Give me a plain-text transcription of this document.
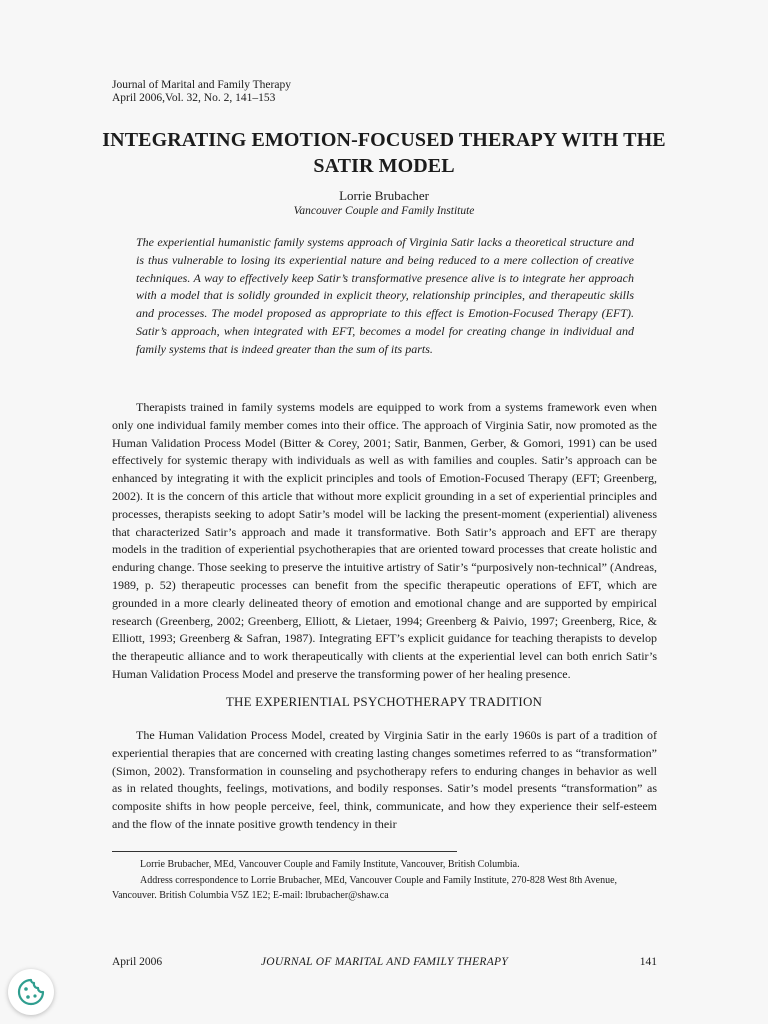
Journal of Marital and Family Therapy
April 2006,Vol. 32, No. 2, 141–153
INTEGRATING EMOTION-FOCUSED THERAPY WITH THE
SATIR MODEL
Lorrie Brubacher
Vancouver Couple and Family Institute

The experiential humanistic family systems approach of Virginia Satir lacks a theoretical structure and is thus vulnerable to losing its experiential nature and being reduced to a mere collection of creative techniques. A way to effectively keep Satir’s transformative presence alive is to integrate her approach with a model that is solidly grounded in explicit theory, relationship principles, and therapeutic skills and processes. The model proposed as appropriate to this effect is Emotion-Focused Therapy (EFT). Satir’s approach, when integrated with EFT, becomes a model for creating change in individual and family systems that is indeed greater than the sum of its parts.

Therapists trained in family systems models are equipped to work from a systems framework even when only one individual family member comes into their office. The approach of Virginia Satir, now promoted as the Human Validation Process Model (Bitter & Corey, 2001; Satir, Banmen, Gerber, & Gomori, 1991) can be used effectively for systemic therapy with individuals as well as with families and couples. Satir’s approach can be enhanced by integrating it with the explicit principles and tools of Emotion-Focused Therapy (EFT; Greenberg, 2002). It is the concern of this article that without more explicit grounding in a set of experiential principles and processes, therapists seeking to adopt Satir’s model will be lacking the present-moment (experiential) aliveness that characterized Satir’s approach and made it transformative. Both Satir’s approach and EFT are therapy models in the tradition of experiential psychotherapies that are oriented toward processes that create holistic and enduring change. Those seeking to preserve the intuitive artistry of Satir’s “purposively non-technical” (Andreas, 1989, p. 52) therapeutic processes can benefit from the specific therapeutic operations of EFT, which are grounded in a more clearly delineated theory of emotion and emotional change and are supported by empirical research (Greenberg, 2002; Greenberg, Elliott, & Lietaer, 1994; Greenberg & Paivio, 1997; Greenberg, Rice, & Elliott, 1993; Greenberg & Safran, 1987). Integrating EFT’s explicit guidance for teaching therapists to develop the therapeutic alliance and to work therapeutically with clients at the experiential level can both enrich Satir’s Human Validation Process Model and preserve the transforming power of her healing presence.

THE EXPERIENTIAL PSYCHOTHERAPY TRADITION

The Human Validation Process Model, created by Virginia Satir in the early 1960s is part of a tradition of experiential therapies that are concerned with creating lasting changes sometimes referred to as “transformation” (Simon, 2002). Transformation in counseling and psychotherapy refers to enduring changes in behavior as well as in related thoughts, feelings, motivations, and bodily responses. Satir’s model presents “transformation” as composite shifts in how people perceive, feel, think, communicate, and how they experience their self-esteem and the flow of the innate positive growth tendency in their

Lorrie Brubacher, MEd, Vancouver Couple and Family Institute, Vancouver, British Columbia.

Address correspondence to Lorrie Brubacher, MEd, Vancouver Couple and Family Institute, 270-828 West 8th Avenue, Vancouver. British Columbia V5Z 1E2; E-mail: lbrubacher@shaw.ca

April 2006	JOURNAL OF MARITAL AND FAMILY THERAPY	141
